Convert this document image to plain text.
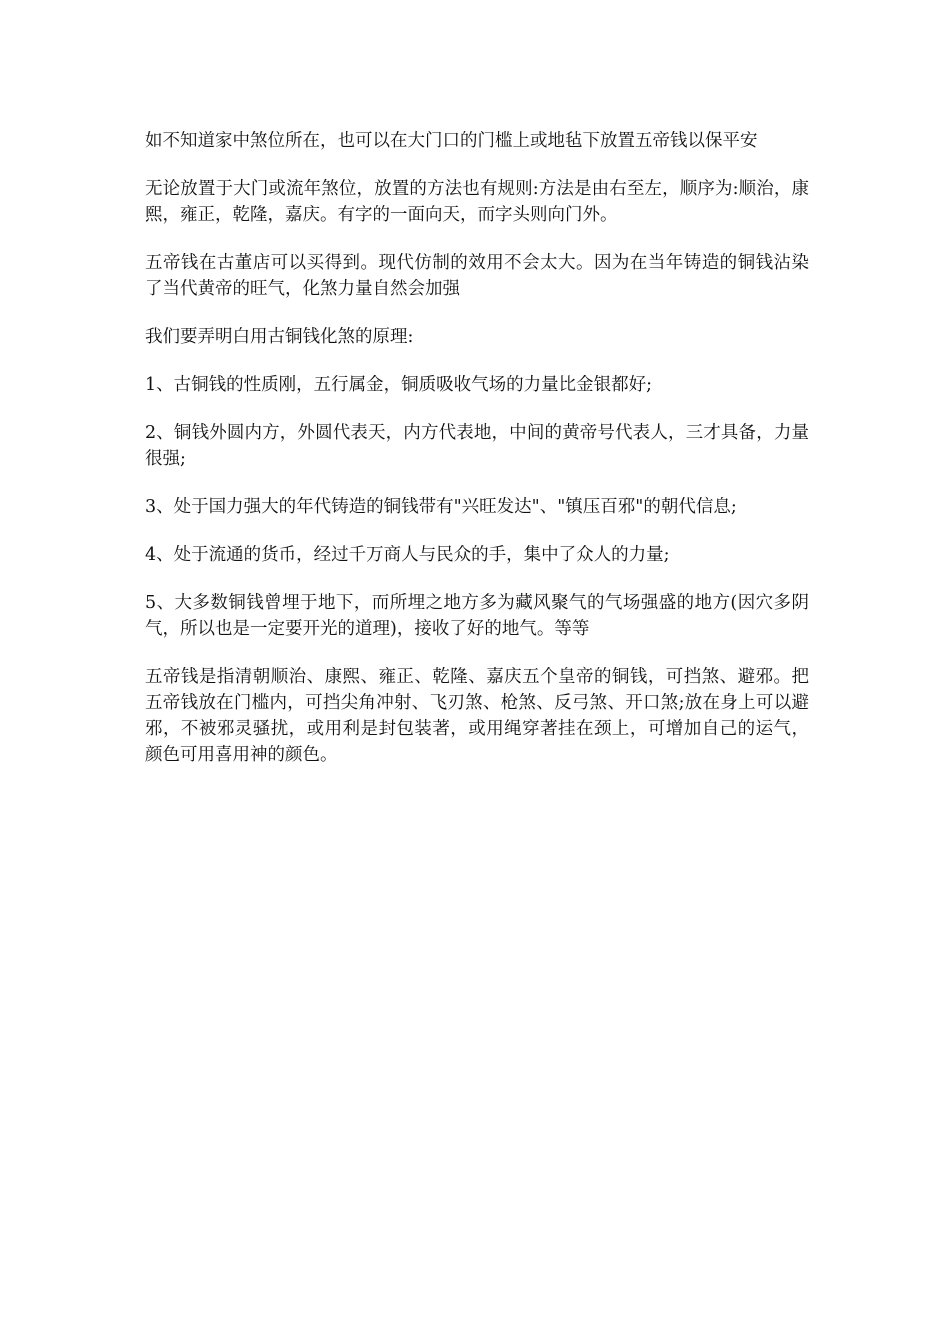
如不知道家中煞位所在，也可以在大门口的门槛上或地毡下放置五帝钱以保平安

无论放置于大门或流年煞位，放置的方法也有规则:方法是由右至左，顺序为:顺治，康熙，雍正，乾隆，嘉庆。有字的一面向天，而字头则向门外。

五帝钱在古董店可以买得到。现代仿制的效用不会太大。因为在当年铸造的铜钱沾染了当代黄帝的旺气，化煞力量自然会加强

我们要弄明白用古铜钱化煞的原理:

1、古铜钱的性质刚，五行属金，铜质吸收气场的力量比金银都好;

2、铜钱外圆内方，外圆代表天，内方代表地，中间的黄帝号代表人，三才具备，力量很强;

3、处于国力强大的年代铸造的铜钱带有"兴旺发达"、"镇压百邪"的朝代信息;

4、处于流通的货币，经过千万商人与民众的手，集中了众人的力量;

5、大多数铜钱曾埋于地下，而所埋之地方多为藏风聚气的气场强盛的地方(因穴多阴气，所以也是一定要开光的道理)，接收了好的地气。等等

五帝钱是指清朝顺治、康熙、雍正、乾隆、嘉庆五个皇帝的铜钱，可挡煞、避邪。把五帝钱放在门槛内，可挡尖角冲射、飞刃煞、枪煞、反弓煞、开口煞;放在身上可以避邪，不被邪灵骚扰，或用利是封包装著，或用绳穿著挂在颈上，可增加自己的运气，颜色可用喜用神的颜色。
